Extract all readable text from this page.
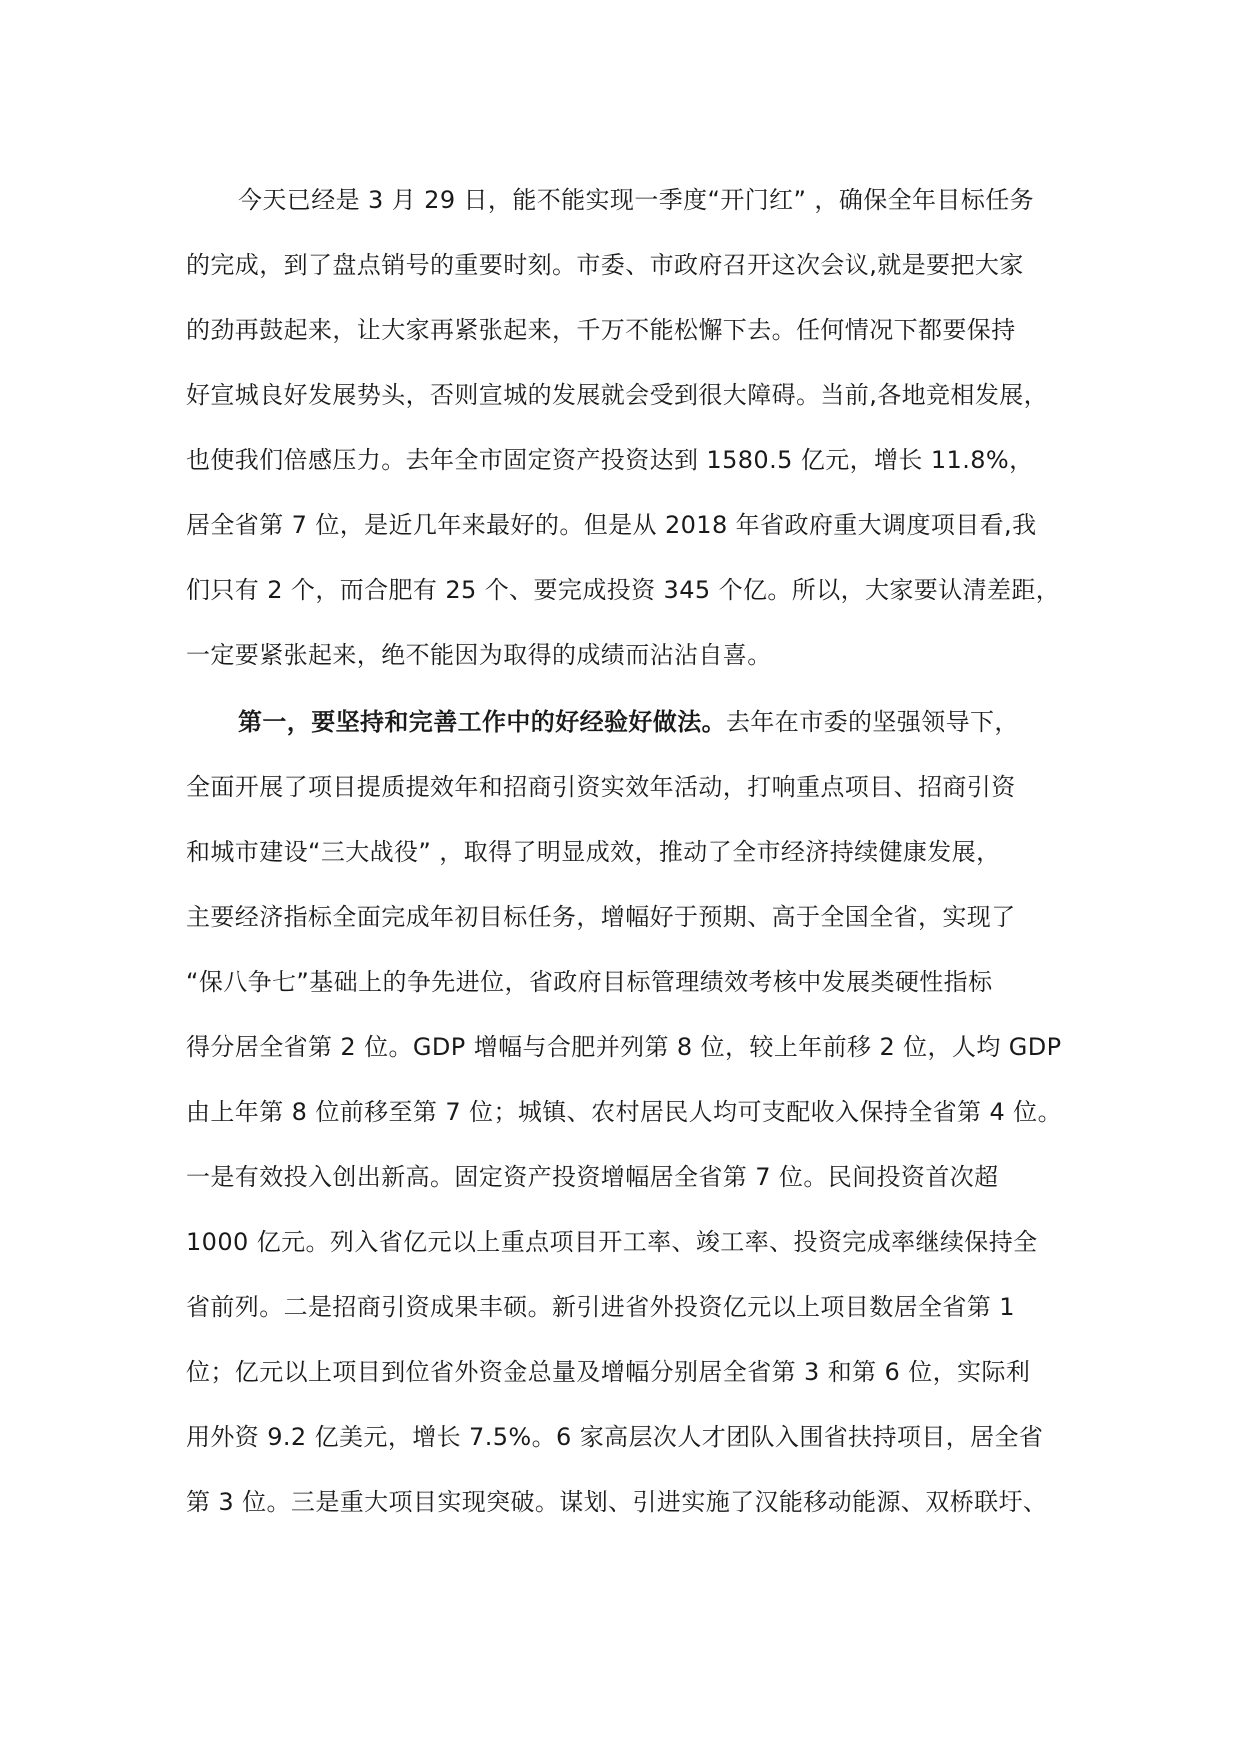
今天已经是 3 月 29 日，能不能实现一季度“开门红” ，确保全年目标任务
的完成，到了盘点销号的重要时刻。市委、市政府召开这次会议,就是要把大家
的劲再鼓起来，让大家再紧张起来，千万不能松懈下去。任何情况下都要保持
好宣城良好发展势头，否则宣城的发展就会受到很大障碍。当前,各地竞相发展，
也使我们倍感压力。去年全市固定资产投资达到 1580.5 亿元，增长 11.8%，
居全省第 7 位，是近几年来最好的。但是从 2018 年省政府重大调度项目看,我
们只有 2 个，而合肥有 25 个、要完成投资 345 个亿。所以，大家要认清差距，
一定要紧张起来，绝不能因为取得的成绩而沾沾自喜。
第一，要坚持和完善工作中的好经验好做法。去年在市委的坚强领导下，
全面开展了项目提质提效年和招商引资实效年活动，打响重点项目、招商引资
和城市建设“三大战役” ，取得了明显成效，推动了全市经济持续健康发展，
主要经济指标全面完成年初目标任务，增幅好于预期、高于全国全省，实现了
“保八争七”基础上的争先进位，省政府目标管理绩效考核中发展类硬性指标
得分居全省第 2 位。GDP 增幅与合肥并列第 8 位，较上年前移 2 位，人均 GDP
由上年第 8 位前移至第 7 位；城镇、农村居民人均可支配收入保持全省第 4 位。
一是有效投入创出新高。固定资产投资增幅居全省第 7 位。民间投资首次超
1000 亿元。列入省亿元以上重点项目开工率、竣工率、投资完成率继续保持全
省前列。二是招商引资成果丰硕。新引进省外投资亿元以上项目数居全省第 1
位；亿元以上项目到位省外资金总量及增幅分别居全省第 3 和第 6 位，实际利
用外资 9.2 亿美元，增长 7.5%。6 家高层次人才团队入围省扶持项目，居全省
第 3 位。三是重大项目实现突破。谋划、引进实施了汉能移动能源、双桥联圩、
